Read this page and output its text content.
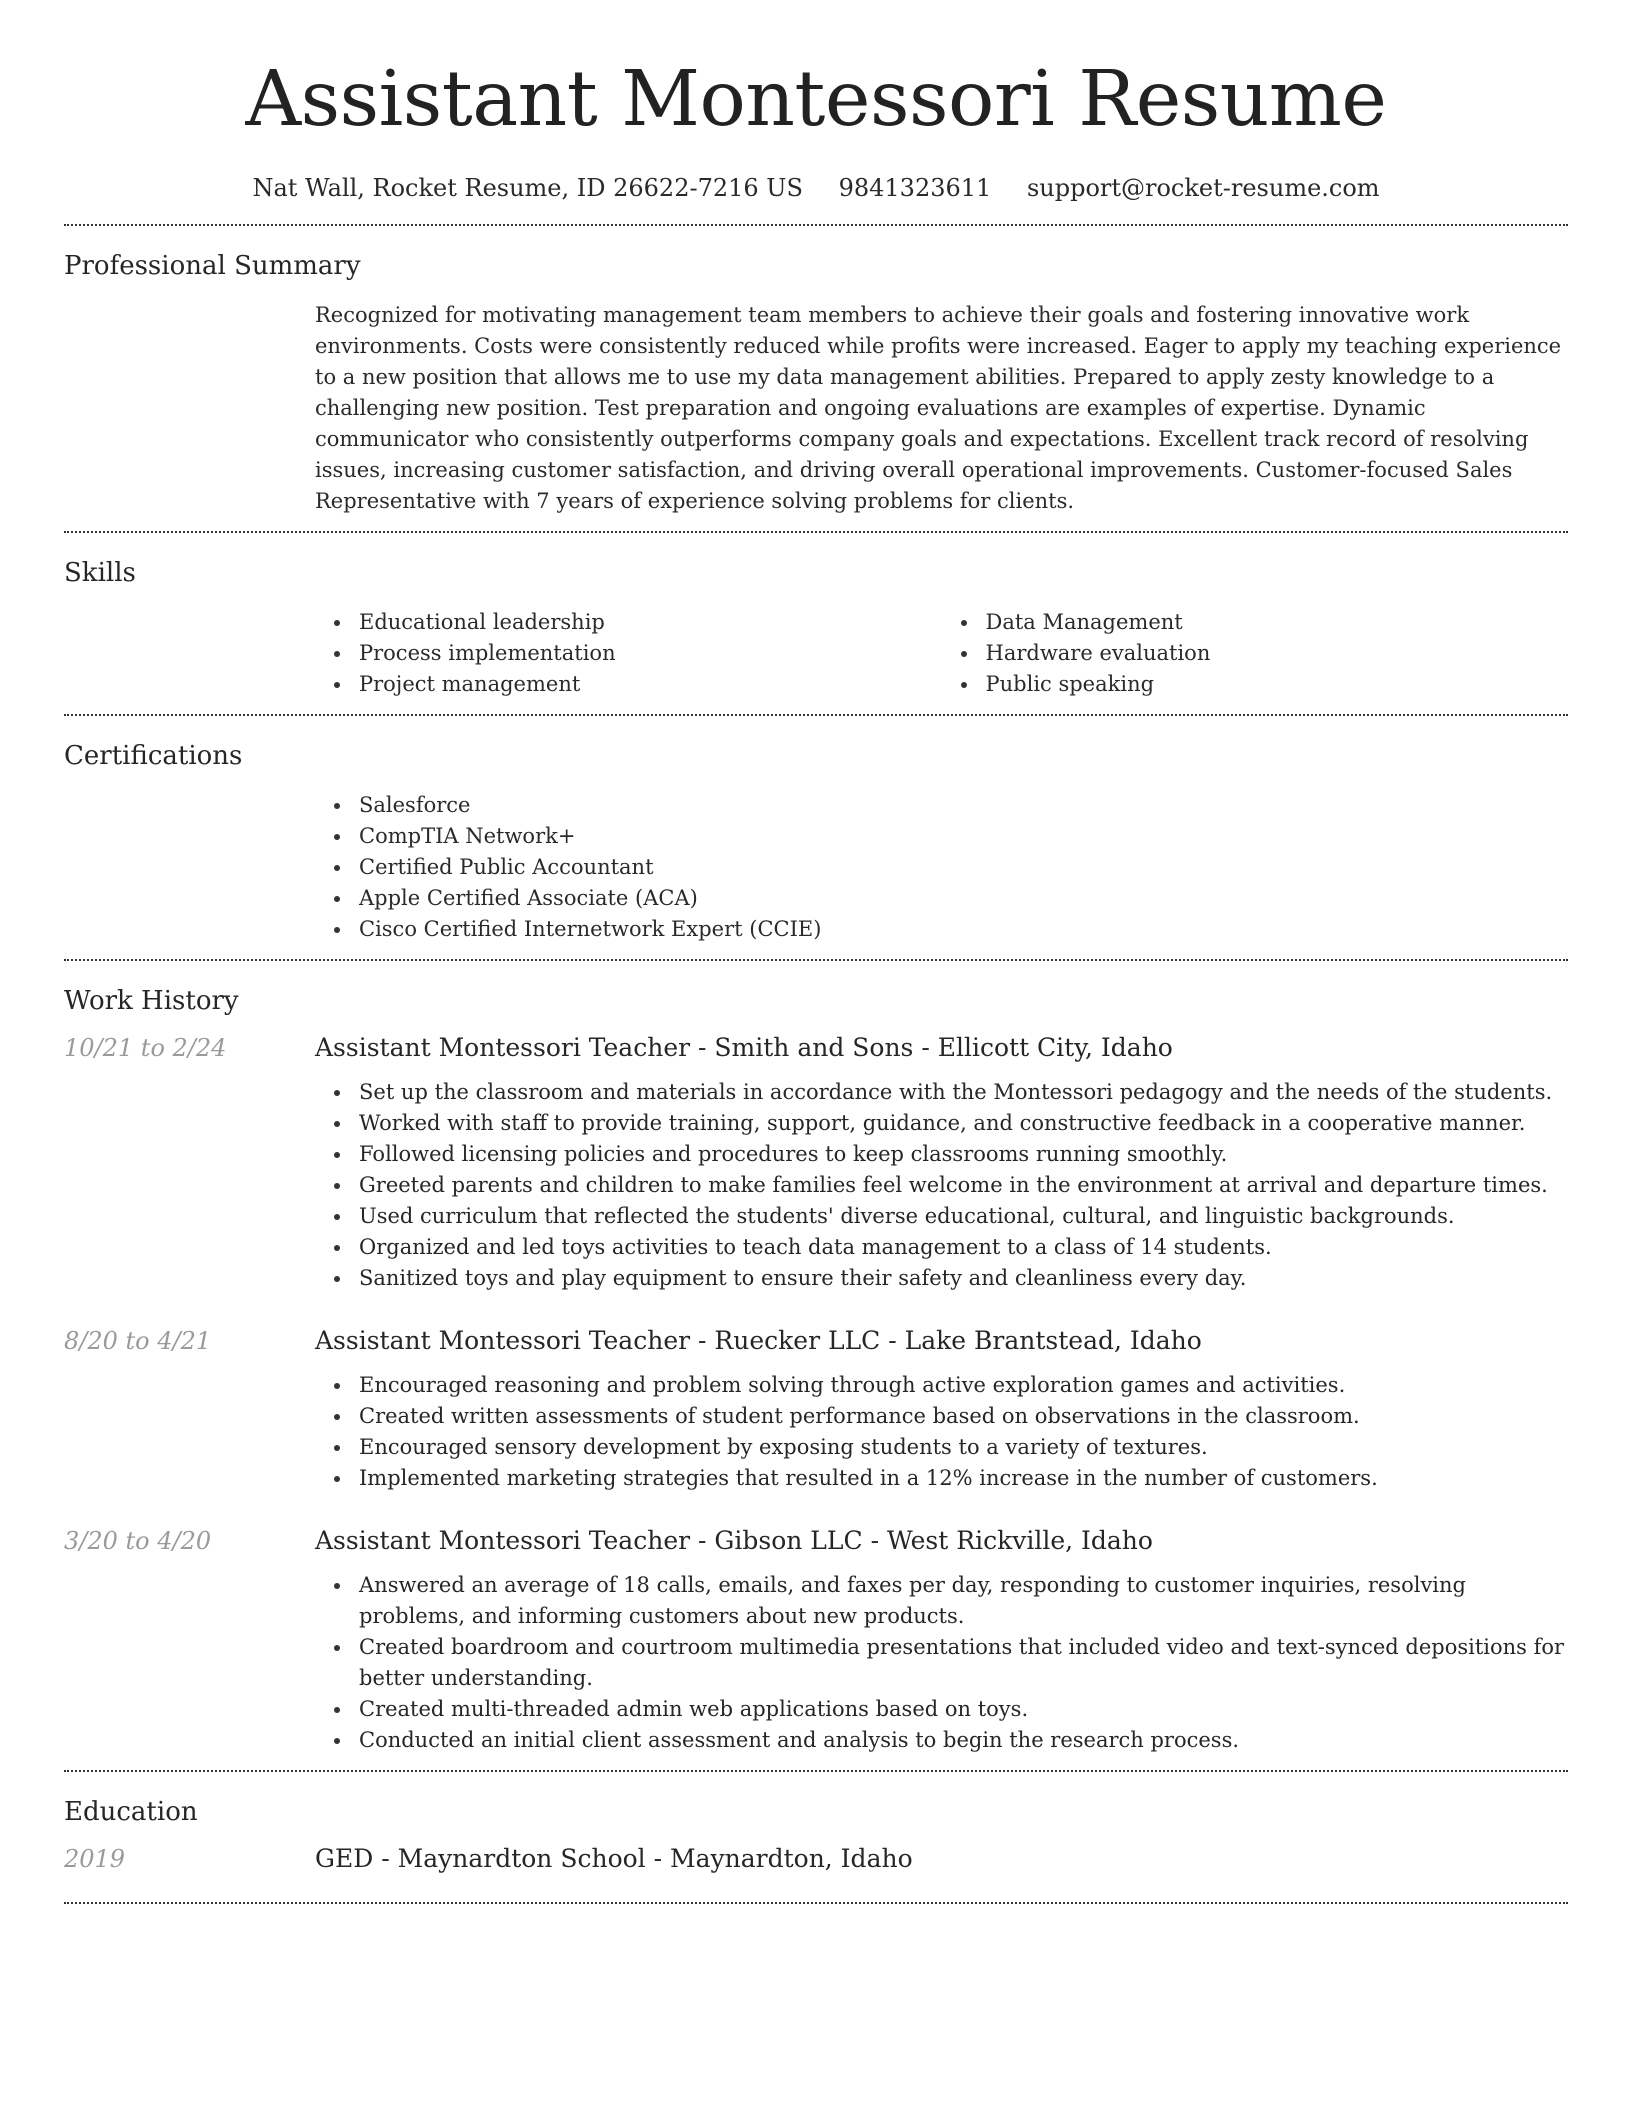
Assistant Montessori Resume
Nat Wall, Rocket Resume, ID 26622-7216 US 9841323611 support@rocket-resume.com
Professional Summary

Recognized for motivating management team members to achieve their goals and fostering innovative work environments. Costs were consistently reduced while profits were increased. Eager to apply my teaching experience to a new position that allows me to use my data management abilities. Prepared to apply zesty knowledge to a challenging new position. Test preparation and ongoing evaluations are examples of expertise. Dynamic communicator who consistently outperforms company goals and expectations. Excellent track record of resolving issues, increasing customer satisfaction, and driving overall operational improvements. Customer-focused Sales Representative with 7 years of experience solving problems for clients.

Skills
Educational leadership
Process implementation
Project management
Data Management
Hardware evaluation
Public speaking
Certifications
Salesforce
CompTIA Network+
Certified Public Accountant
Apple Certified Associate (ACA)
Cisco Certified Internetwork Expert (CCIE)
Work History
10/21 to 2/24	Assistant Montessori Teacher - Smith and Sons - Ellicott City, Idaho
Set up the classroom and materials in accordance with the Montessori pedagogy and the needs of the students.
Worked with staff to provide training, support, guidance, and constructive feedback in a cooperative manner.
Followed licensing policies and procedures to keep classrooms running smoothly.
Greeted parents and children to make families feel welcome in the environment at arrival and departure times.
Used curriculum that reflected the students' diverse educational, cultural, and linguistic backgrounds.
Organized and led toys activities to teach data management to a class of 14 students.
Sanitized toys and play equipment to ensure their safety and cleanliness every day.
8/20 to 4/21	Assistant Montessori Teacher - Ruecker LLC - Lake Brantstead, Idaho
Encouraged reasoning and problem solving through active exploration games and activities.
Created written assessments of student performance based on observations in the classroom.
Encouraged sensory development by exposing students to a variety of textures.
Implemented marketing strategies that resulted in a 12% increase in the number of customers.
3/20 to 4/20	Assistant Montessori Teacher - Gibson LLC - West Rickville, Idaho
Answered an average of 18 calls, emails, and faxes per day, responding to customer inquiries, resolving problems, and informing customers about new products.
Created boardroom and courtroom multimedia presentations that included video and text-synced depositions for better understanding.
Created multi-threaded admin web applications based on toys.
Conducted an initial client assessment and analysis to begin the research process.
Education
2019	GED - Maynardton School - Maynardton, Idaho
